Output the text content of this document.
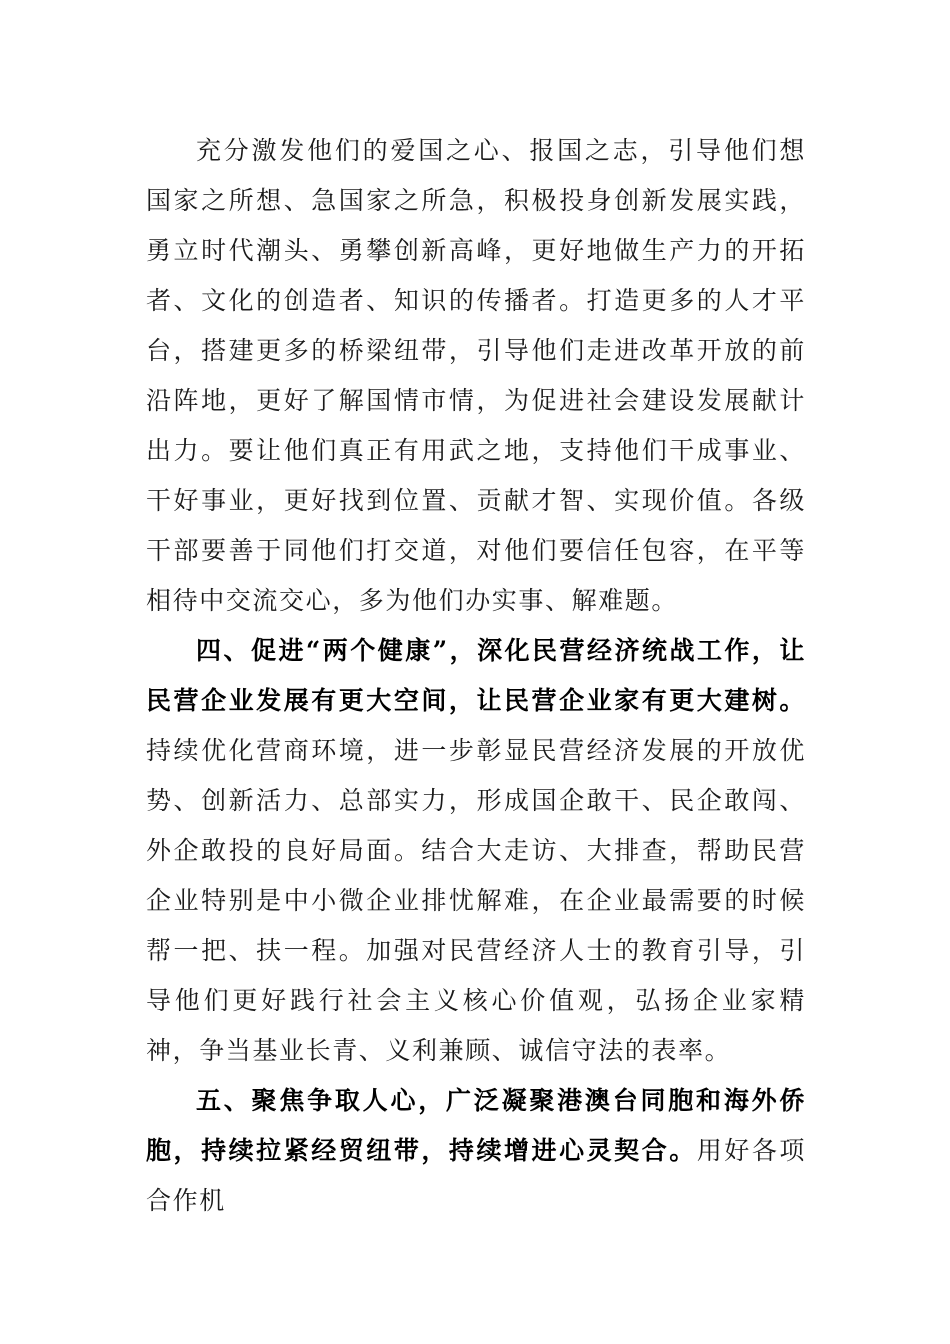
充分激发他们的爱国之心、报国之志，引导他们想国家之所想、急国家之所急，积极投身创新发展实践，勇立时代潮头、勇攀创新高峰，更好地做生产力的开拓者、文化的创造者、知识的传播者。打造更多的人才平台，搭建更多的桥梁纽带，引导他们走进改革开放的前沿阵地，更好了解国情市情，为促进社会建设发展献计出力。要让他们真正有用武之地，支持他们干成事业、干好事业，更好找到位置、贡献才智、实现价值。各级干部要善于同他们打交道，对他们要信任包容，在平等相待中交流交心，多为他们办实事、解难题。

四、促进“两个健康”，深化民营经济统战工作，让民营企业发展有更大空间，让民营企业家有更大建树。持续优化营商环境，进一步彰显民营经济发展的开放优势、创新活力、总部实力，形成国企敢干、民企敢闯、外企敢投的良好局面。结合大走访、大排查，帮助民营企业特别是中小微企业排忧解难，在企业最需要的时候帮一把、扶一程。加强对民营经济人士的教育引导，引导他们更好践行社会主义核心价值观，弘扬企业家精神，争当基业长青、义利兼顾、诚信守法的表率。

五、聚焦争取人心，广泛凝聚港澳台同胞和海外侨胞，持续拉紧经贸纽带，持续增进心灵契合。用好各项合作机
